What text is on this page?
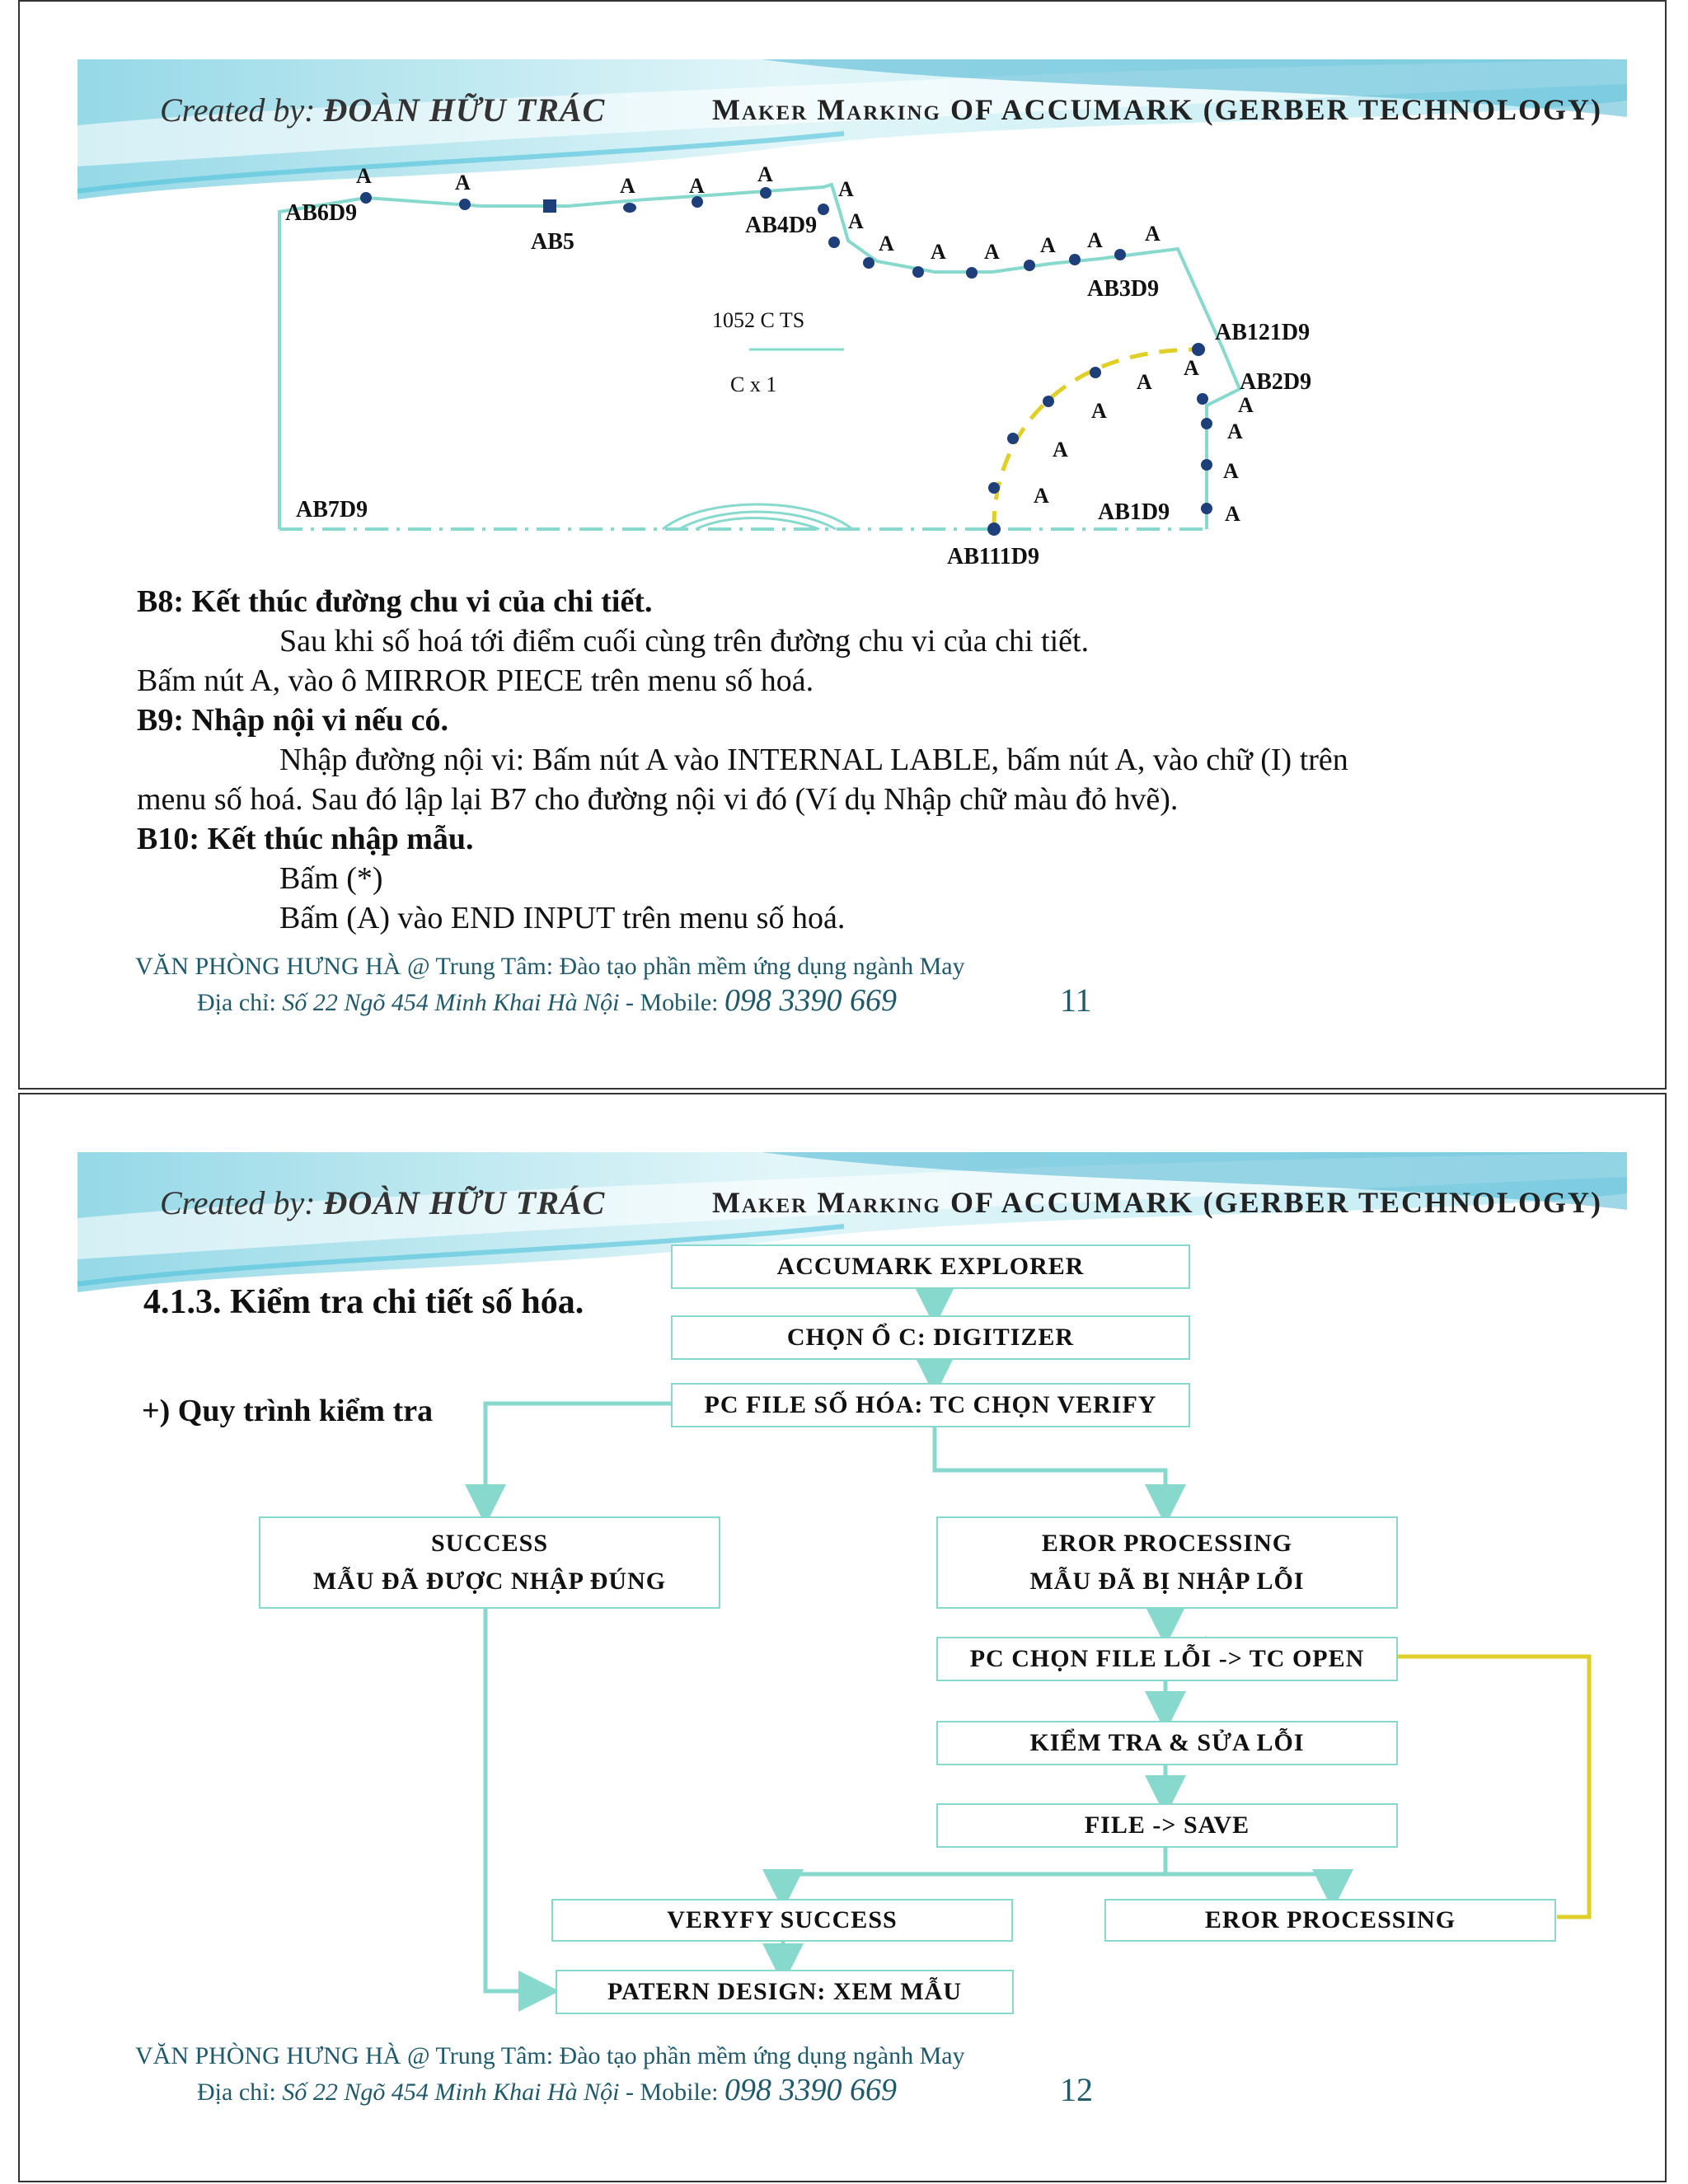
Created by: ĐOÀN HỮU TRÁC	Maker Marking OF ACCUMARK (GERBER TECHNOLOGY)
A	A	A	A A
A
A
A A A A A A
A
A
A
A
A
A
A
A
A
AB6D9
AB5
AB4D9
AB3D9
AB121D9
AB2D9
AB1D9
AB111D9
AB7D9
1052 C TS
C x 1
B8: Kết thúc đường chu vi của chi tiết.
Sau khi số hoá tới điểm cuối cùng trên đường chu vi của chi tiết.
Bấm nút A, vào ô MIRROR PIECE trên menu số hoá.
B9: Nhập nội vi nếu có.
Nhập đường nội vi: Bấm nút A vào INTERNAL LABLE, bấm nút A, vào chữ (I) trên
menu số hoá. Sau đó lập lại B7 cho đường nội vi đó (Ví dụ Nhập chữ màu đỏ hvẽ).
B10: Kết thúc nhập mẫu.
Bấm (*)
Bấm (A) vào END INPUT trên menu số hoá.
VĂN PHÒNG HƯNG HÀ @ Trung Tâm: Đào tạo phần mềm ứng dụng ngành May
Địa chỉ: Số 22 Ngõ 454 Minh Khai Hà Nội - Mobile: 098 3390 669	11
Created by: ĐOÀN HỮU TRÁC	Maker Marking OF ACCUMARK (GERBER TECHNOLOGY)
4.1.3. Kiểm tra chi tiết số hóa.
+) Quy trình kiểm tra
ACCUMARK EXPLORER
CHỌN Ổ C: DIGITIZER
PC FILE SỐ HÓA: TC CHỌN VERIFY
SUCCESS
MẪU ĐÃ ĐƯỢC NHẬP ĐÚNG
EROR PROCESSING
MẪU ĐÃ BỊ NHẬP LỖI
PC CHỌN FILE LỖI -> TC OPEN
KIỂM TRA & SỬA LỖI
FILE -> SAVE
VERYFY SUCCESS	EROR PROCESSING
PATERN DESIGN: XEM MẪU
VĂN PHÒNG HƯNG HÀ @ Trung Tâm: Đào tạo phần mềm ứng dụng ngành May
Địa chỉ: Số 22 Ngõ 454 Minh Khai Hà Nội - Mobile: 098 3390 669	12
